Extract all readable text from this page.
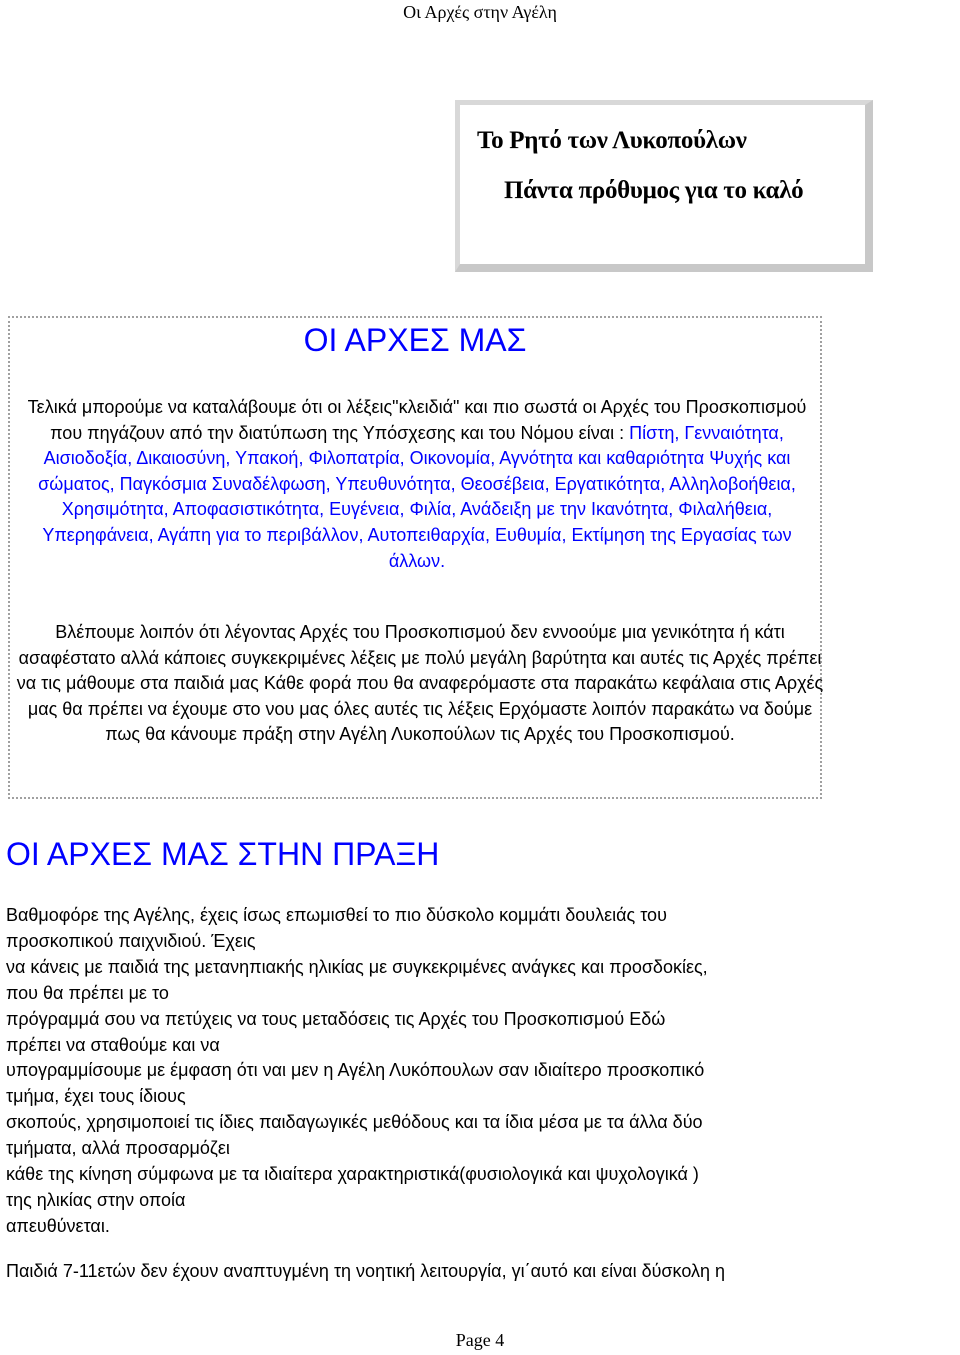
Οι Αρχές στην Αγέλη
Το Ρητό των Λυκοπούλων
Πάντα πρόθυμος για το καλό
ΟΙ ΑΡΧΕΣ ΜΑΣ

Τελικά μπορούμε να καταλάβουμε ότι οι λέξεις"κλειδιά" και πιο σωστά οι Αρχές του Προσκοπισμού που πηγάζουν από την διατύπωση της Υπόσχεσης και του Νόμου είναι : Πίστη, Γενναιότητα, Αισιοδοξία, Δικαιοσύνη, Υπακοή, Φιλοπατρία, Οικονομία, Αγνότητα και καθαριότητα Ψυχής και σώματος, Παγκόσμια Συναδέλφωση, Υπευθυνότητα, Θεοσέβεια, Εργατικότητα, Αλληλοβοήθεια, Χρησιμότητα, Αποφασιστικότητα, Ευγένεια, Φιλία, Ανάδειξη με την Ικανότητα, Φιλαλήθεια, Υπερηφάνεια, Αγάπη για το περιβάλλον, Αυτοπειθαρχία, Ευθυμία, Εκτίμηση της Εργασίας των άλλων.

Βλέπουμε λοιπόν ότι λέγοντας Αρχές του Προσκοπισμού δεν εννοούμε μια γενικότητα ή κάτι ασαφέστατο αλλά κάποιες συγκεκριμένες λέξεις με πολύ μεγάλη βαρύτητα και αυτές τις Αρχές πρέπει να τις μάθουμε στα παιδιά μας Κάθε φορά που θα αναφερόμαστε στα παρακάτω κεφάλαια στις Αρχές μας θα πρέπει να έχουμε στο νου μας όλες αυτές τις λέξεις Ερχόμαστε λοιπόν παρακάτω να δούμε πως θα κάνουμε πράξη στην Αγέλη Λυκοπούλων τις Αρχές του Προσκοπισμού.

ΟΙ ΑΡΧΕΣ ΜΑΣ ΣΤΗΝ ΠΡΑΞΗ
Βαθμοφόρε της Αγέλης, έχεις ίσως επωμισθεί το πιο δύσκολο κομμάτι δουλειάς του
προσκοπικού παιχνιδιού. Έχεις
να κάνεις με παιδιά της μετανηπιακής ηλικίας με συγκεκριμένες ανάγκες και προσδοκίες,
που θα πρέπει με το
πρόγραμμά σου να πετύχεις να τους μεταδόσεις τις Αρχές του Προσκοπισμού Εδώ
πρέπει να σταθούμε και να
υπογραμμίσουμε με έμφαση ότι ναι μεν η Αγέλη Λυκόπουλων σαν ιδιαίτερο προσκοπικό
τμήμα, έχει τους ίδιους
σκοπούς, χρησιμοποιεί τις ίδιες παιδαγωγικές μεθόδους και τα ίδια μέσα με τα άλλα δύο
τμήματα, αλλά προσαρμόζει
κάθε της κίνηση σύμφωνα με τα ιδιαίτερα χαρακτηριστικά(φυσιολογικά και ψυχολογικά )
της ηλικίας στην οποία
απευθύνεται.

Παιδιά 7-11ετών δεν έχουν αναπτυγμένη τη νοητική λειτουργία, γι΄αυτό και είναι δύσκολη η

Page 4
